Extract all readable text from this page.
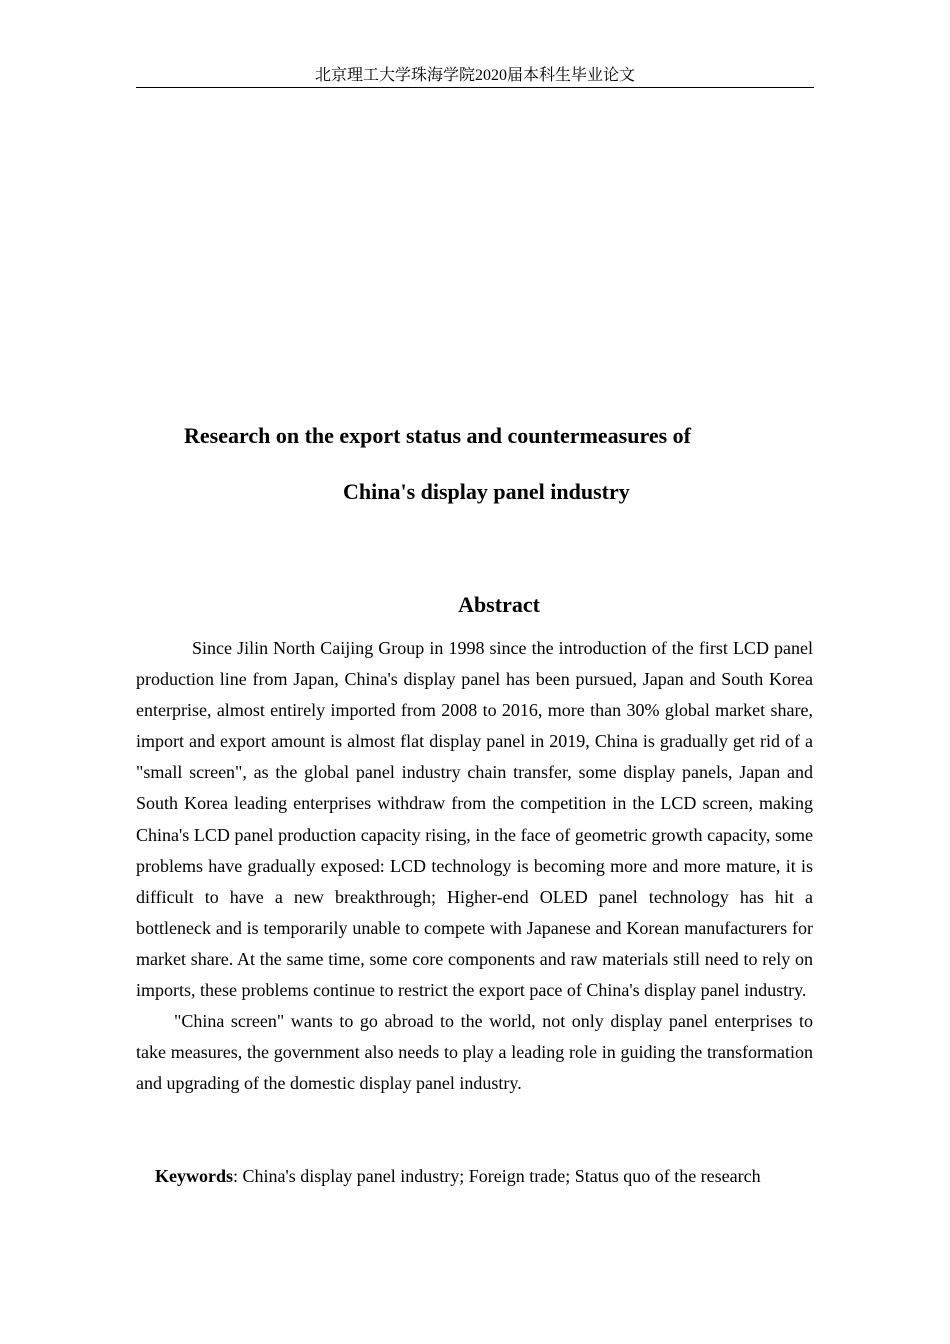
北京理工大学珠海学院2020届本科生毕业论文
Research on the export status and countermeasures of
China's display panel industry
Abstract

Since Jilin North Caijing Group in 1998 since the introduction of the first LCD panel production line from Japan, China's display panel has been pursued, Japan and South Korea enterprise, almost entirely imported from 2008 to 2016, more than 30% global market share, import and export amount is almost flat display panel in 2019, China is gradually get rid of a "small screen", as the global panel industry chain transfer, some display panels, Japan and South Korea leading enterprises withdraw from the competition in the LCD screen, making China's LCD panel production capacity rising, in the face of geometric growth capacity, some problems have gradually exposed: LCD technology is becoming more and more mature, it is difficult to have a new breakthrough; Higher-end OLED panel technology has hit a bottleneck and is temporarily unable to compete with Japanese and Korean manufacturers for market share. At the same time, some core components and raw materials still need to rely on imports, these problems continue to restrict the export pace of China's display panel industry.

"China screen" wants to go abroad to the world, not only display panel enterprises to take measures, the government also needs to play a leading role in guiding the transformation and upgrading of the domestic display panel industry.

Keywords: China's display panel industry; Foreign trade; Status quo of the research
